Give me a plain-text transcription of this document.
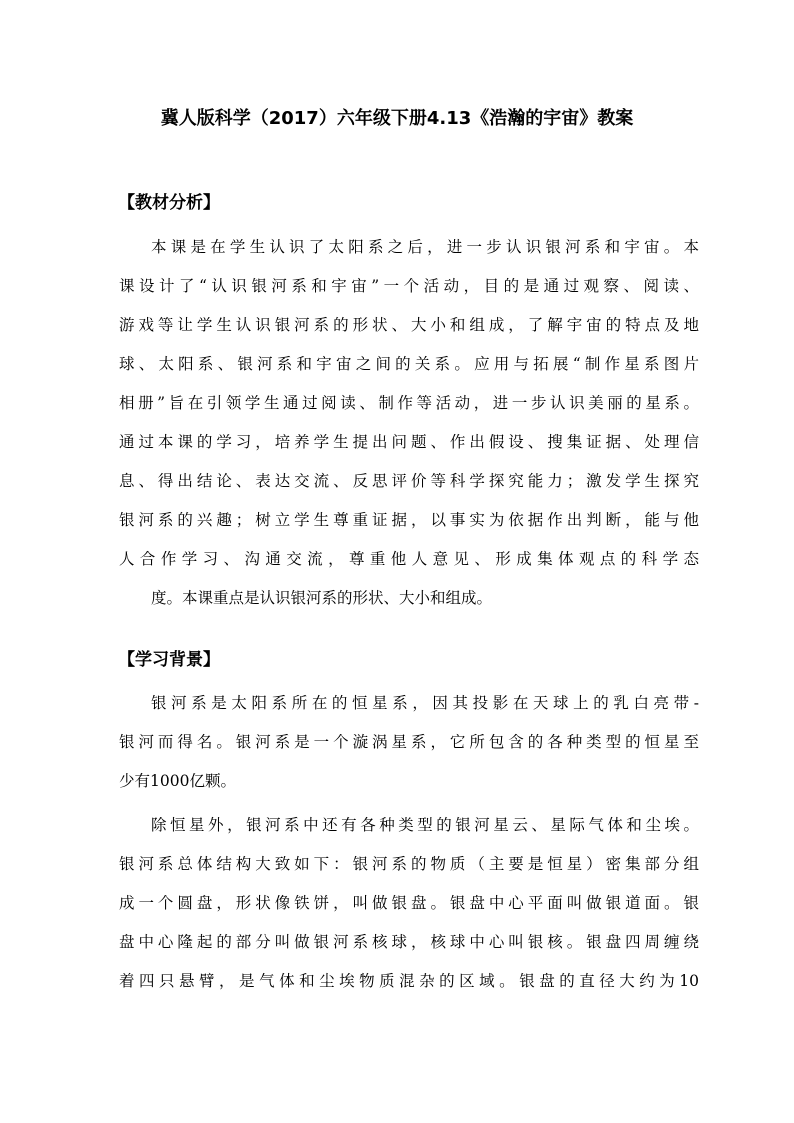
冀人版科学（2017）六年级下册4.13《浩瀚的宇宙》教案
【教材分析】
本课是在学生认识了太阳系之后，进一步认识银河系和宇宙。本
课设计了“认识银河系和宇宙”一个活动，目的是通过观察、阅读、
游戏等让学生认识银河系的形状、大小和组成，了解宇宙的特点及地
球、太阳系、银河系和宇宙之间的关系。应用与拓展“制作星系图片
相册”旨在引领学生通过阅读、制作等活动，进一步认识美丽的星系。
通过本课的学习，培养学生提出问题、作出假设、搜集证据、处理信
息、得出结论、表达交流、反思评价等科学探究能力；激发学生探究
银河系的兴趣；树立学生尊重证据，以事实为依据作出判断，能与他
人合作学习、沟通交流，尊重他人意见、形成集体观点的科学态
度。本课重点是认识银河系的形状、大小和组成。
【学习背景】
银河系是太阳系所在的恒星系，因其投影在天球上的乳白亮带-
银河而得名。银河系是一个漩涡星系，它所包含的各种类型的恒星至
少有1000亿颗。
除恒星外，银河系中还有各种类型的银河星云、星际气体和尘埃。
银河系总体结构大致如下：银河系的物质（主要是恒星）密集部分组
成一个圆盘，形状像铁饼，叫做银盘。银盘中心平面叫做银道面。银
盘中心隆起的部分叫做银河系核球，核球中心叫银核。银盘四周缠绕
着四只悬臂，是气体和尘埃物质混杂的区域。银盘的直径大约为10
